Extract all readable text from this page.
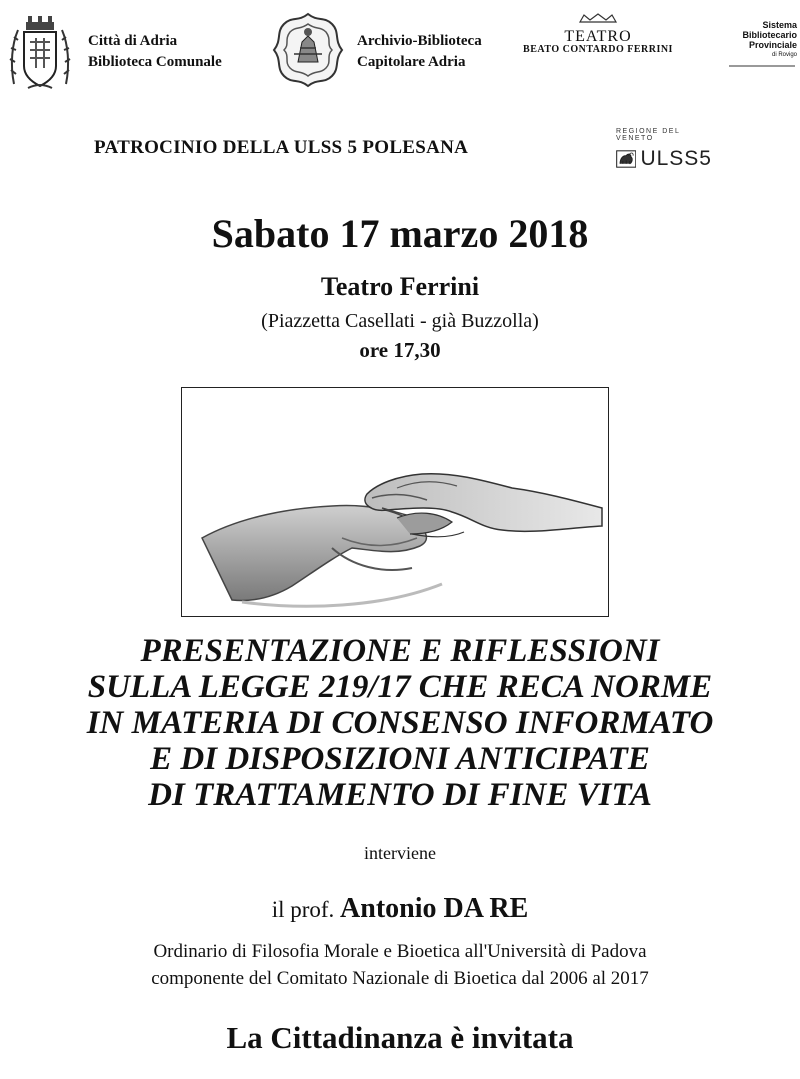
Città di Adria
Biblioteca Comunale
Archivio-Biblioteca
Capitolare Adria
TEATRO
BEATO CONTARDO FERRINI
Sistema
Bibliotecario
Provinciale
di Rovigo
PATROCINIO DELLA ULSS 5 POLESANA
REGIONE DEL VENETO
ULSS5
Sabato 17 marzo 2018
Teatro Ferrini
(Piazzetta Casellati - già Buzzolla)
ore 17,30
PRESENTAZIONE E RIFLESSIONI
SULLA LEGGE 219/17 CHE RECA NORME
IN MATERIA DI CONSENSO INFORMATO
E DI DISPOSIZIONI ANTICIPATE
DI TRATTAMENTO DI FINE VITA
interviene
il prof. Antonio DA RE
Ordinario di Filosofia Morale e Bioetica all'Università di Padova
componente del Comitato Nazionale di Bioetica dal 2006 al 2017
La Cittadinanza è invitata
